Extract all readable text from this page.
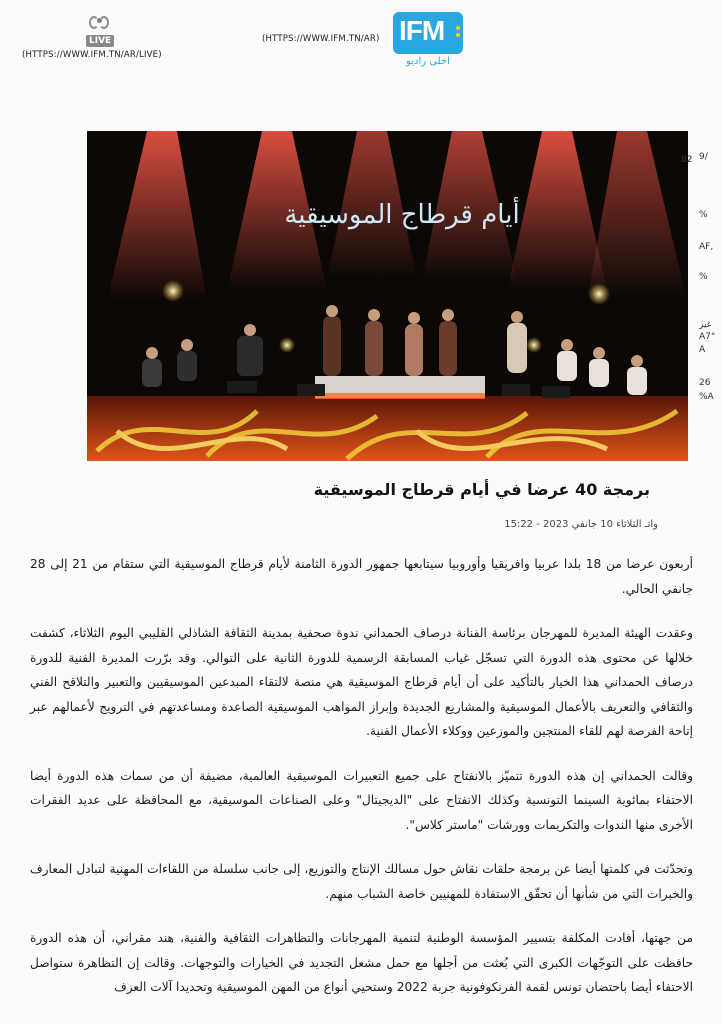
LIVE
(HTTPS://WWW.IFM.TN/AR/LIVE)
(HTTPS://WWW.IFM.TN/AR) IFM
احلى راديو
أيام قرطاج الموسيقية
9/
82
%
AF,
%
غير
A7°
A
26
%A
برمجة 40 عرضا في أيام قرطاج الموسيقية
واتـ الثلاثاء 10 جانفي 2023 - 15:22

أربعون عرضا من 18 بلدا عربيا وافريقيا وأوروبيا سيتابعها جمهور الدورة الثامنة لأيام قرطاج الموسيقية التي ستقام من 21 إلى 28 جانفي الحالي.

وعقدت الهيئة المديرة للمهرجان برئاسة الفنانة درصاف الحمداني ندوة صحفية بمدينة الثقافة الشاذلي القليبي اليوم الثلاثاء، كشفت خلالها عن محتوى هذه الدورة التي تسجّل غياب المسابقة الرسمية للدورة الثانية على التوالي. وقد برّرت المديرة الفنية للدورة درصاف الحمداني هذا الخيار بالتأكيد على أن أيام قرطاج الموسيقية هي منصة لالتقاء المبدعين الموسيقيين والتعبير والتلاقح الفني والثقافي والتعريف بالأعمال الموسيقية والمشاريع الجديدة وإبراز المواهب الموسيقية الصاعدة ومساعدتهم في الترويج لأعمالهم عبر إتاحة الفرصة لهم للقاء المنتجين والموزعين ووكلاء الأعمال الفنية.

وقالت الحمداني إن هذه الدورة تتميّز بالانفتاح على جميع التعبيرات الموسيقية العالمية، مضيفة أن من سمات هذه الدورة أيضا الاحتفاء بمائوية السينما التونسية وكذلك الانفتاح على "الديجيتال" وعلى الصناعات الموسيقية، مع المحافظة على عديد الفقرات الأخرى منها الندوات والتكريمات وورشات "ماستر كلاس".

وتحدّثت في كلمتها أيضا عن برمجة حلقات نقاش حول مسالك الإنتاج والتوزيع، إلى جانب سلسلة من اللقاءات المهنية لتبادل المعارف والخبرات التي من شأنها أن تحقّق الاستفادة للمهنيين خاصة الشباب منهم.

من جهتها، أفادت المكلفة بتسيير المؤسسة الوطنية لتنمية المهرجانات والتظاهرات الثقافية والفنية، هند مقراني، أن هذه الدورة حافظت على التوجّهات الكبرى التي بُعثت من أجلها مع حمل مشعل التجديد في الخيارات والتوجهات. وقالت إن التظاهرة ستواصل الاحتفاء أيضا باحتضان تونس لقمة الفرنكوفونية جربة 2022 وستحيي أنواع من المهن الموسيقية وتحديدا آلات العزف
